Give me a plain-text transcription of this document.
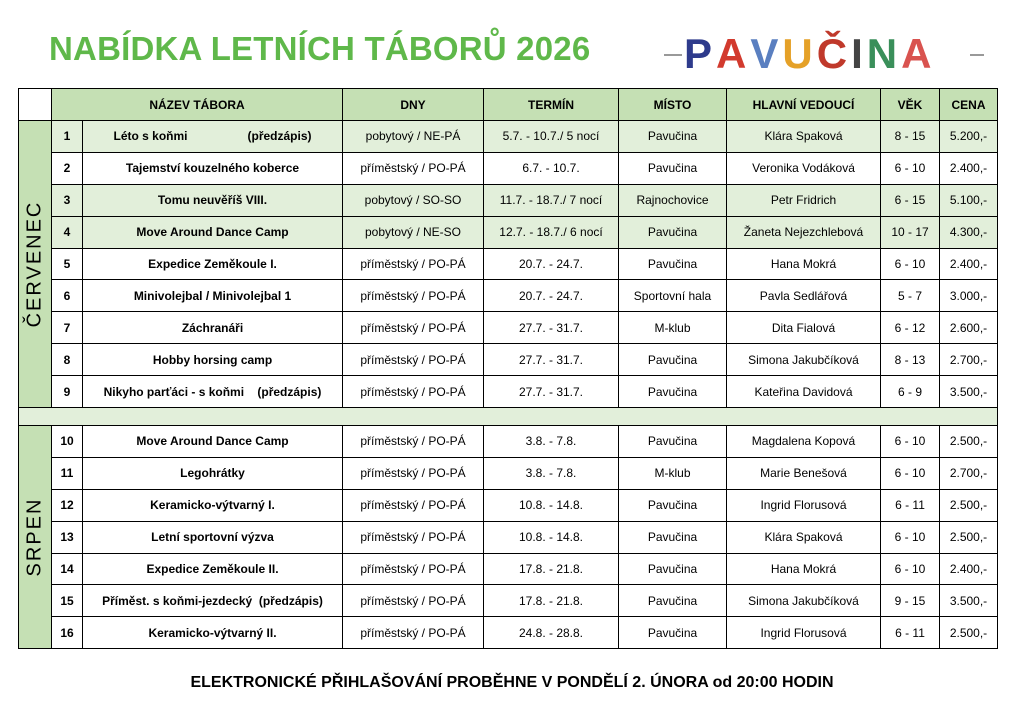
NABÍDKA LETNÍCH TÁBORŮ 2026 PAVUČINA
	NÁZEV TÁBORA		DNY	TERMÍN	MÍSTO	HLAVNÍ VEDOUCÍ	VĚK	CENA

ČERVENEC	1	Léto s koňmi                  (předzápis)	pobytový / NE-PÁ	5.7. - 10.7./ 5 nocí	Pavučina	Klára Spaková	8 - 15	5.200,-
	2	Tajemství kouzelného koberce	příměstský / PO-PÁ	6.7. - 10.7.	Pavučina	Veronika Vodáková	6 - 10	2.400,-
	3	Tomu neuvěříš VIII.	pobytový / SO-SO	11.7. - 18.7./ 7 nocí	Rajnochovice	Petr Fridrich	6 - 15	5.100,-
	4	Move Around Dance Camp	pobytový / NE-SO	12.7. - 18.7./ 6 nocí	Pavučina	Žaneta Nejezchlebová	10 - 17	4.300,-
	5	Expedice Zeměkoule I.	příměstský / PO-PÁ	20.7. - 24.7.	Pavučina	Hana Mokrá	6 - 10	2.400,-
	6	Minivolejbal / Minivolejbal 1	příměstský / PO-PÁ	20.7. - 24.7.	Sportovní hala	Pavla Sedlářová	5 - 7	3.000,-
	7	Záchranáři	příměstský / PO-PÁ	27.7. - 31.7.	M-klub	Dita Fialová	6 - 12	2.600,-
	8	Hobby horsing camp	příměstský / PO-PÁ	27.7. - 31.7.	Pavučina	Simona Jakubčíková	8 - 13	2.700,-
	9	Nikyho parťáci - s koňmi    (předzápis)	příměstský / PO-PÁ	27.7. - 31.7.	Pavučina	Kateřina Davidová	6 - 9	3.500,-

SRPEN	10	Move Around Dance Camp	příměstský / PO-PÁ	3.8. - 7.8.	Pavučina	Magdalena Kopová	6 - 10	2.500,-
	11	Legohrátky	příměstský / PO-PÁ	3.8. - 7.8.	M-klub	Marie Benešová	6 - 10	2.700,-
	12	Keramicko-výtvarný I.	příměstský / PO-PÁ	10.8. - 14.8.	Pavučina	Ingrid Florusová	6 - 11	2.500,-
	13	Letní sportovní výzva	příměstský / PO-PÁ	10.8. - 14.8.	Pavučina	Klára Spaková	6 - 10	2.500,-
	14	Expedice Zeměkoule II.	příměstský / PO-PÁ	17.8. - 21.8.	Pavučina	Hana Mokrá	6 - 10	2.400,-
	15	Příměst. s koňmi-jezdecký  (předzápis)	příměstský / PO-PÁ	17.8. - 21.8.	Pavučina	Simona Jakubčíková	9 - 15	3.500,-
	16	Keramicko-výtvarný II.	příměstský / PO-PÁ	24.8. - 28.8.	Pavučina	Ingrid Florusová	6 - 11	2.500,-
ELEKTRONICKÉ PŘIHLAŠOVÁNÍ PROBĚHNE V PONDĚLÍ 2. ÚNORA od 20:00 HODIN
